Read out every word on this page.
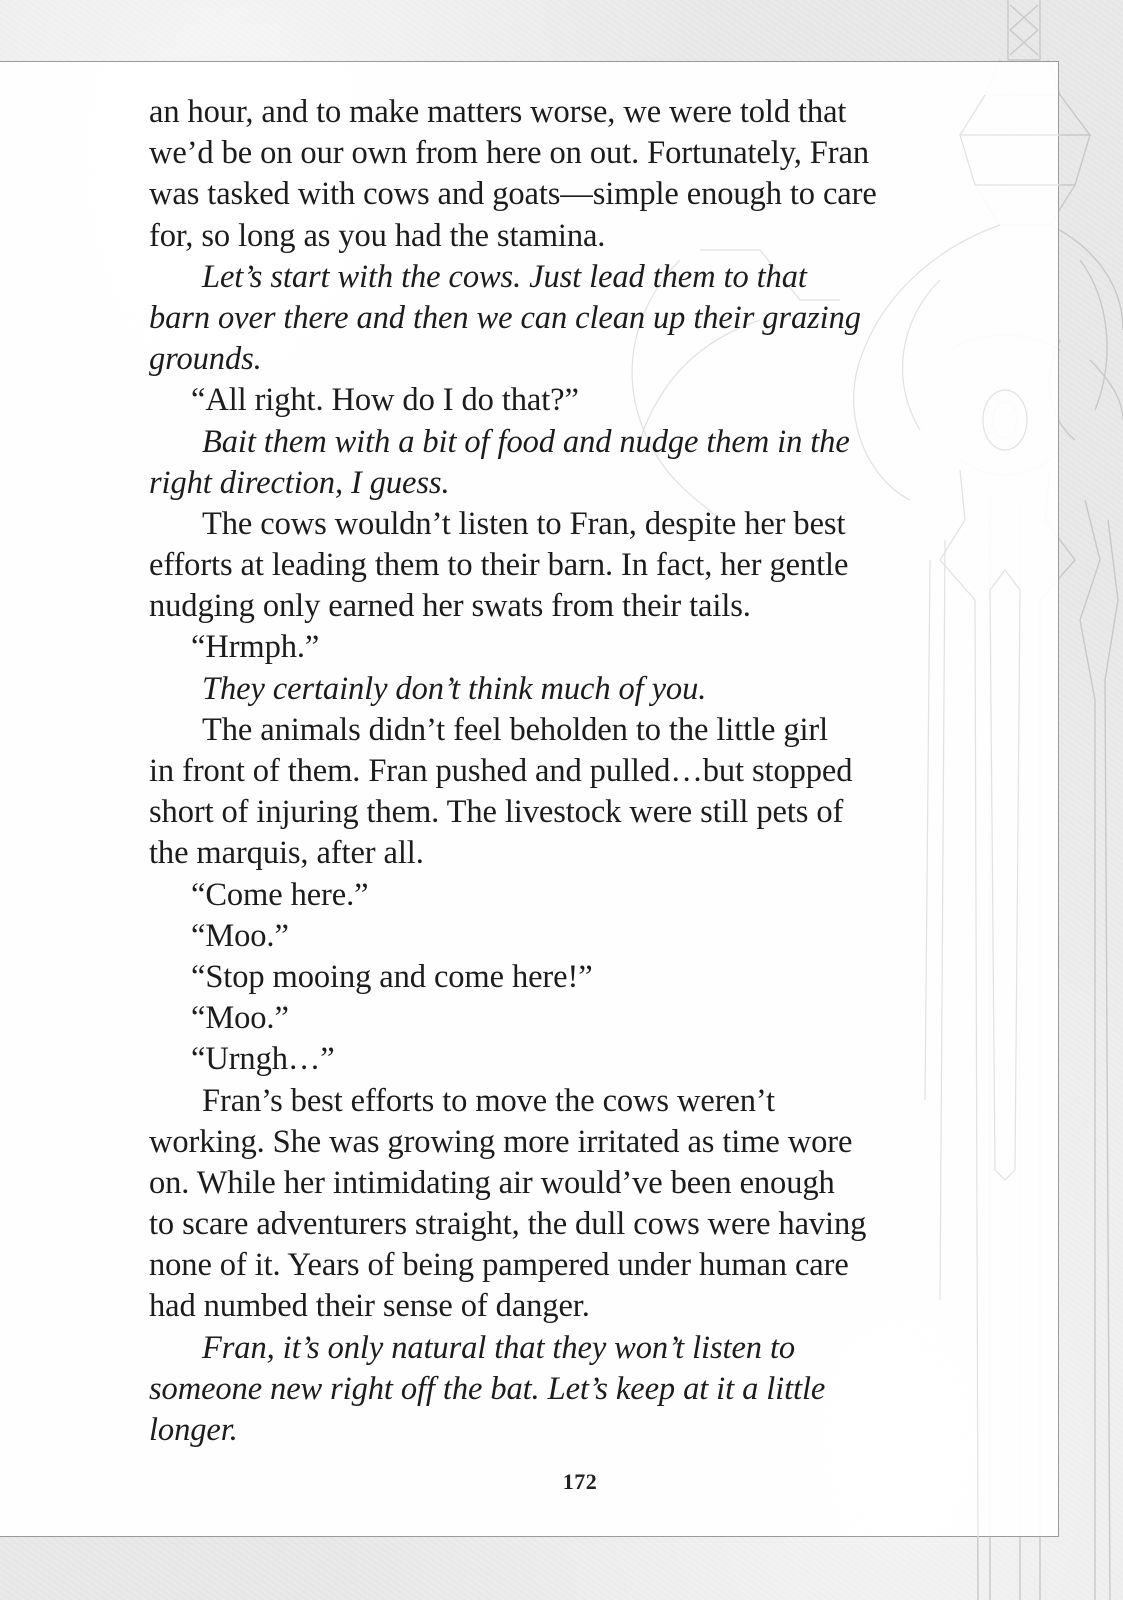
an hour, and to make matters worse, we were told that
we’d be on our own from here on out. Fortunately, Fran
was tasked with cows and goats—simple enough to care
for, so long as you had the stamina.
Let’s start with the cows. Just lead them to that
barn over there and then we can clean up their grazing
grounds.
“All right. How do I do that?”
Bait them with a bit of food and nudge them in the
right direction, I guess.
The cows wouldn’t listen to Fran, despite her best
efforts at leading them to their barn. In fact, her gentle
nudging only earned her swats from their tails.
“Hrmph.”
They certainly don’t think much of you.
The animals didn’t feel beholden to the little girl
in front of them. Fran pushed and pulled…but stopped
short of injuring them. The livestock were still pets of
the marquis, after all.
“Come here.”
“Moo.”
“Stop mooing and come here!”
“Moo.”
“Urngh…”
Fran’s best efforts to move the cows weren’t
working. She was growing more irritated as time wore
on. While her intimidating air would’ve been enough
to scare adventurers straight, the dull cows were having
none of it. Years of being pampered under human care
had numbed their sense of danger.
Fran, it’s only natural that they won’t listen to
someone new right off the bat. Let’s keep at it a little
longer.
172
